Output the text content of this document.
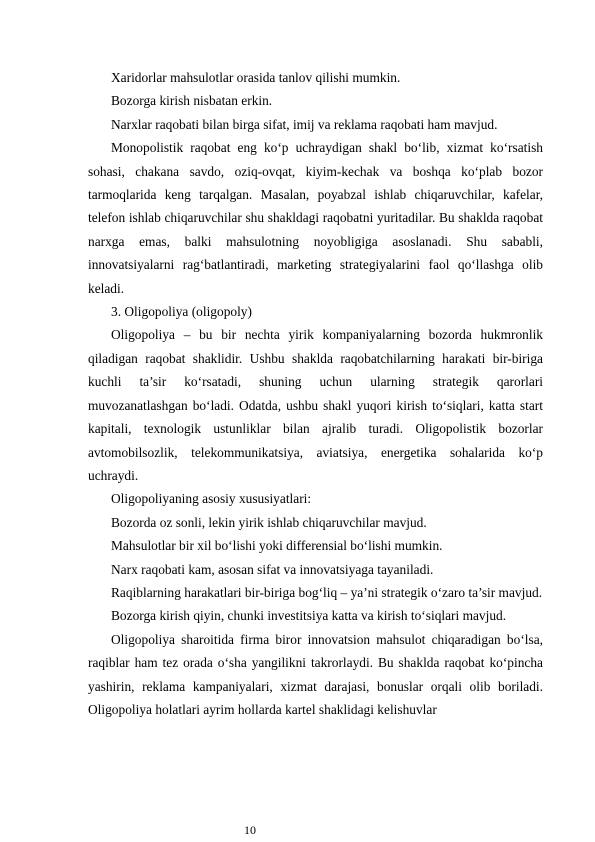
Xaridorlar mahsulotlar orasida tanlov qilishi mumkin.

Bozorga kirish nisbatan erkin.

Narxlar raqobati bilan birga sifat, imij va reklama raqobati ham mavjud.

Monopolistik raqobat eng ko‘p uchraydigan shakl bo‘lib, xizmat ko‘rsatish sohasi, chakana savdo, oziq-ovqat, kiyim-kechak va boshqa ko‘plab bozor tarmoqlarida keng tarqalgan. Masalan, poyabzal ishlab chiqaruvchilar, kafelar, telefon ishlab chiqaruvchilar shu shakldagi raqobatni yuritadilar. Bu shaklda raqobat narxga emas, balki mahsulotning noyobligiga asoslanadi. Shu sababli, innovatsiyalarni rag‘batlantiradi, marketing strategiyalarini faol qo‘llashga olib keladi.

3. Oligopoliya (oligopoly)

Oligopoliya – bu bir nechta yirik kompaniyalarning bozorda hukmronlik qiladigan raqobat shaklidir. Ushbu shaklda raqobatchilarning harakati bir-biriga kuchli ta’sir ko‘rsatadi, shuning uchun ularning strategik qarorlari muvozanatlashgan bo‘ladi. Odatda, ushbu shakl yuqori kirish to‘siqlari, katta start kapitali, texnologik ustunliklar bilan ajralib turadi. Oligopolistik bozorlar avtomobilsozlik, telekommunikatsiya, aviatsiya, energetika sohalarida ko‘p uchraydi.

Oligopoliyaning asosiy xususiyatlari:

Bozorda oz sonli, lekin yirik ishlab chiqaruvchilar mavjud.

Mahsulotlar bir xil bo‘lishi yoki differensial bo‘lishi mumkin.

Narx raqobati kam, asosan sifat va innovatsiyaga tayaniladi.

Raqiblarning harakatlari bir-biriga bog‘liq – ya’ni strategik o‘zaro ta’sir mavjud.

Bozorga kirish qiyin, chunki investitsiya katta va kirish to‘siqlari mavjud.

Oligopoliya sharoitida firma biror innovatsion mahsulot chiqaradigan bo‘lsa, raqiblar ham tez orada o‘sha yangilikni takrorlaydi. Bu shaklda raqobat ko‘pincha yashirin, reklama kampaniyalari, xizmat darajasi, bonuslar orqali olib boriladi. Oligopoliya holatlari ayrim hollarda kartel shaklidagi kelishuvlar

10
